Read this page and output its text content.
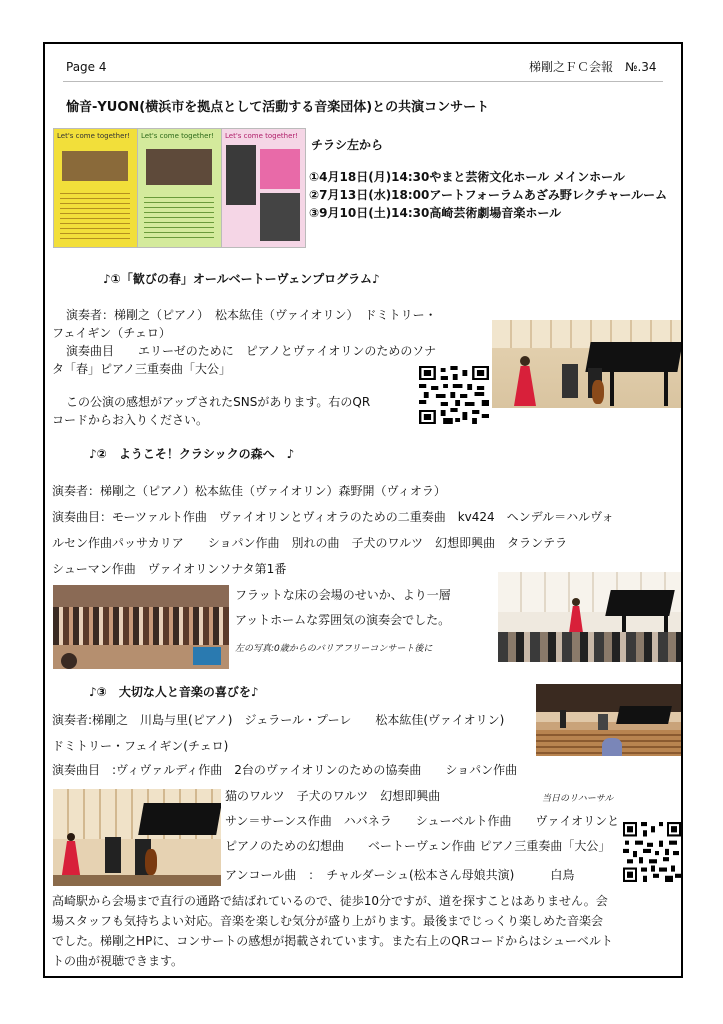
Page 4	梯剛之ＦＣ会報　№.34
愉音-YUON(横浜市を拠点として活動する音楽団体)との共演コンサート
Let's come together!	Let's come together!	Let's come together!
チラシ左から
①4月18日(月)14:30やまと芸術文化ホール メインホール
②7月13日(水)18:00アートフォーラムあざみ野レクチャールーム
③9月10日(土)14:30高崎芸術劇場音楽ホール
♪①「歓びの春」オールベートーヴェンプログラム♪
演奏者：梯剛之（ピアノ）　松本紘佳（ヴァイオリン）　ドミトリー・
フェイギン（チェロ）
演奏曲目　　エリーゼのために　ピアノとヴァイオリンのためのソナ
タ「春」ピアノ三重奏曲「大公」
この公演の感想がアップされたSNSがあります。右のQR
コードからお入りください。
♪②　ようこそ！クラシックの森へ　♪
演奏者：梯剛之（ピアノ）松本紘佳（ヴァイオリン）森野開（ヴィオラ）
演奏曲目：モーツァルト作曲　ヴァイオリンとヴィオラのための二重奏曲　kv424　ヘンデル＝ハルヴォ
ルセン作曲パッサカリア　　ショパン作曲　別れの曲　子犬のワルツ　幻想即興曲　タランテラ
シューマン作曲　ヴァイオリンソナタ第1番
フラットな床の会場のせいか、より一層
アットホームな雰囲気の演奏会でした。
左の写真:0歳からのバリアフリーコンサート後に
♪③　大切な人と音楽の喜びを♪
演奏者:梯剛之　川島与里(ピアノ)　ジェラール・プーレ　　松本紘佳(ヴァイオリン)
ドミトリー・フェイギン(チェロ)
演奏曲目　:ヴィヴァルディ作曲　2台のヴァイオリンのための協奏曲　　ショパン作曲
当日のリハーサル
猫のワルツ　子犬のワルツ　幻想即興曲
サン＝サーンス作曲　ハバネラ　　シューベルト作曲　　ヴァイオリンと
ピアノのための幻想曲　　ベートーヴェン作曲 ピアノ三重奏曲「大公」
アンコール曲　：　チャルダーシュ(松本さん母娘共演)　　　白鳥
高崎駅から会場まで直行の通路で結ばれているので、徒歩10分ですが、道を探すことはありません。会
場スタッフも気持ちよい対応。音楽を楽しむ気分が盛り上がります。最後までじっくり楽しめた音楽会
でした。梯剛之HPに、コンサートの感想が掲載されています。また右上のQRコードからはシューベルト
トの曲が視聴できます。
